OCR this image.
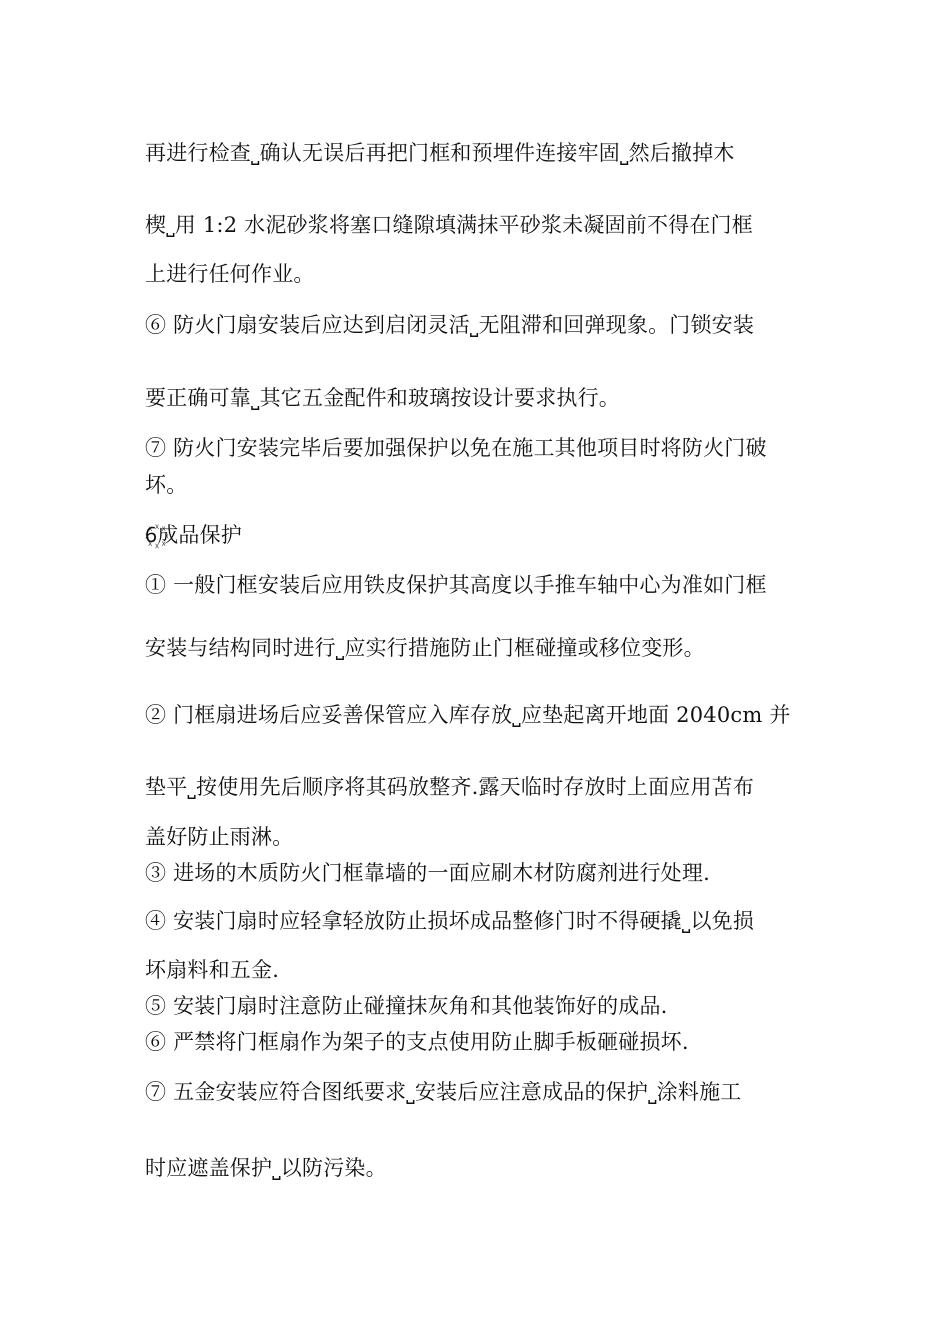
再进行检查⎵确认无误后再把门框和预埋件连接牢固⎵然后撤掉木
楔⎵用 1:2 水泥砂浆将塞口缝隙填满抹平砂浆未凝固前不得在门框
上进行任何作业。
⑥ 防火门扇安装后应达到启闭灵活⎵无阻滞和回弹现象。门锁安装
要正确可靠⎵其它五金配件和玻璃按设计要求执行。
⑦ 防火门安装完毕后要加强保护以免在施工其他项目时将防火门破
坏。
6꙰成品保护
① 一般门框安装后应用铁皮保护其高度以手推车轴中心为准如门框
安装与结构同时进行⎵应实行措施防止门框碰撞或移位变形。
② 门框扇进场后应妥善保管应入库存放⎵应垫起离开地面 2040cm 并
垫平⎵按使用先后顺序将其码放整齐.露天临时存放时上面应用苫布
盖好防止雨淋。
③ 进场的木质防火门框靠墙的一面应刷木材防腐剂进行处理.
④ 安装门扇时应轻拿轻放防止损坏成品整修门时不得硬撬⎵以免损
坏扇料和五金.
⑤ 安装门扇时注意防止碰撞抹灰角和其他装饰好的成品.
⑥ 严禁将门框扇作为架子的支点使用防止脚手板砸碰损坏.
⑦ 五金安装应符合图纸要求⎵安装后应注意成品的保护⎵涂料施工
时应遮盖保护⎵以防污染。
